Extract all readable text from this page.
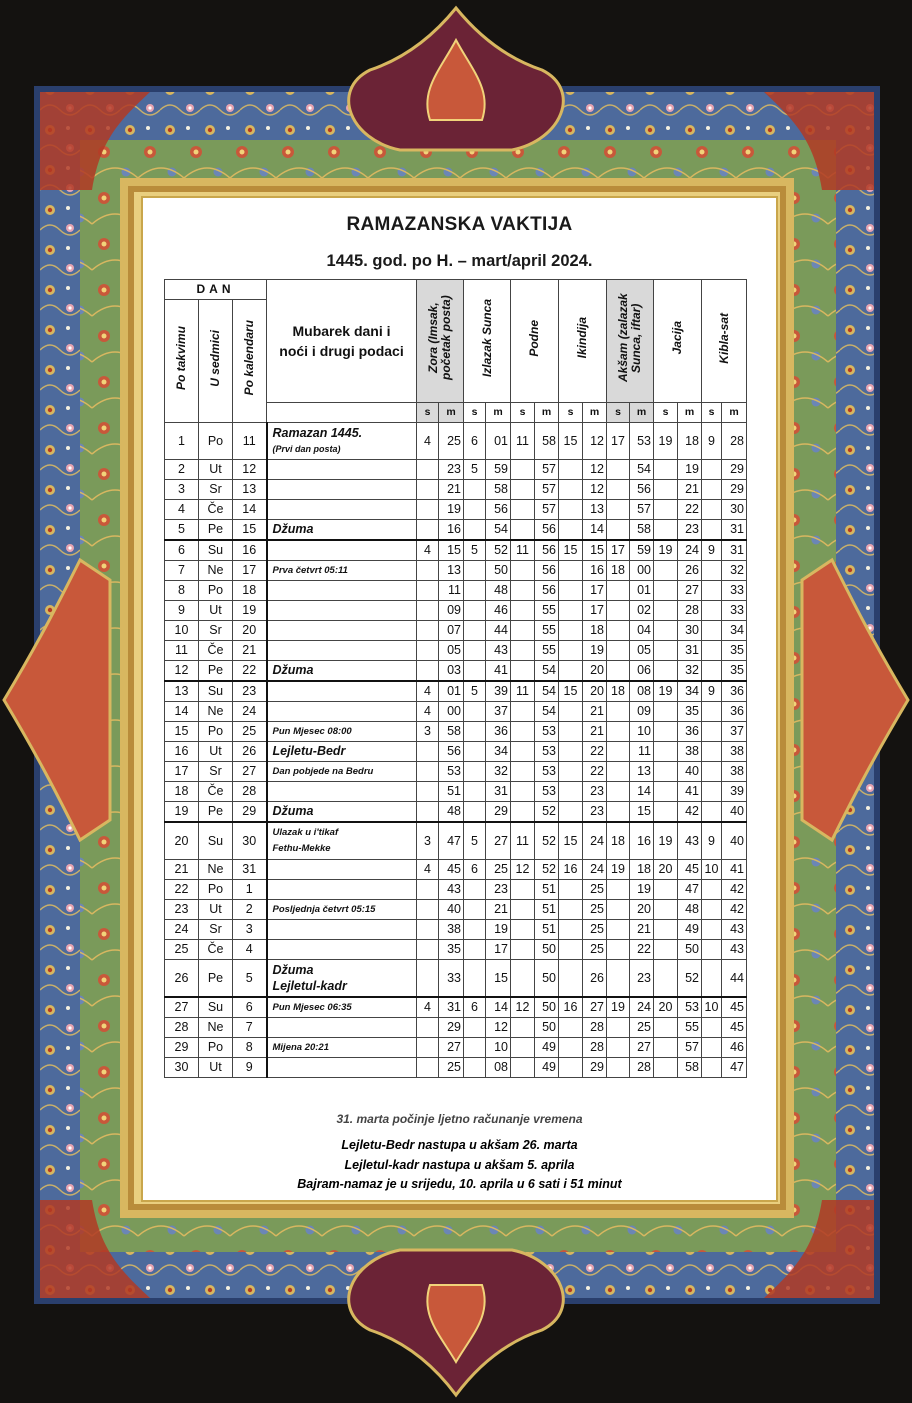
RAMAZANSKA VAKTIJA
1445. god. po H. – mart/april 2024.
DAN			Mubarek dani i noći i drugi podaci	Zora (Imsak, početak posta)		Izlazak Sunca		Podne		Ikindija		Akšam (zalazak Sunca, iftar)		Jacija		Kibla-sat	
Po takvimu	U sedmici	Po kalendaru															
				s	m	s	m	s	m	s	m	s	m	s	m	s	m
1	Po	11	Ramazan 1445.
(Prvi dan posta)	4	25	6	01	11	58	15	12	17	53	19	18	9	28
2	Ut	12			23	5	59		57		12		54		19		29
3	Sr	13			21		58		57		12		56		21		29
4	Če	14			19		56		57		13		57		22		30
5	Pe	15	Džuma		16		54		56		14		58		23		31
6	Su	16		4	15	5	52	11	56	15	15	17	59	19	24	9	31
7	Ne	17	Prva četvrt 05:11		13		50		56		16	18	00		26		32
8	Po	18			11		48		56		17		01		27		33
9	Ut	19			09		46		55		17		02		28		33
10	Sr	20			07		44		55		18		04		30		34
11	Če	21			05		43		55		19		05		31		35
12	Pe	22	Džuma		03		41		54		20		06		32		35
13	Su	23		4	01	5	39	11	54	15	20	18	08	19	34	9	36
14	Ne	24		4	00		37		54		21		09		35		36
15	Po	25	Pun Mjesec 08:00	3	58		36		53		21		10		36		37
16	Ut	26	Lejletu-Bedr		56		34		53		22		11		38		38
17	Sr	27	Dan pobjede na Bedru		53		32		53		22		13		40		38
18	Če	28			51		31		53		23		14		41		39
19	Pe	29	Džuma		48		29		52		23		15		42		40
20	Su	30	Ulazak u i'tikaf
Fethu-Mekke	3	47	5	27	11	52	15	24	18	16	19	43	9	40
21	Ne	31		4	45	6	25	12	52	16	24	19	18	20	45	10	41
22	Po	1			43		23		51		25		19		47		42
23	Ut	2	Posljednja četvrt 05:15		40		21		51		25		20		48		42
24	Sr	3			38		19		51		25		21		49		43
25	Če	4			35		17		50		25		22		50		43
26	Pe	5	Džuma
Lejletul-kadr		33		15		50		26		23		52		44
27	Su	6	Pun Mjesec 06:35	4	31	6	14	12	50	16	27	19	24	20	53	10	45
28	Ne	7			29		12		50		28		25		55		45
29	Po	8	Mijena 20:21		27		10		49		28		27		57		46
30	Ut	9			25		08		49		29		28		58		47
31. marta počinje ljetno računanje vremena
Lejletu-Bedr nastupa u akšam 26. marta
Lejletul-kadr nastupa u akšam 5. aprila
Bajram-namaz je u srijedu, 10. aprila u 6 sati i 51 minut
